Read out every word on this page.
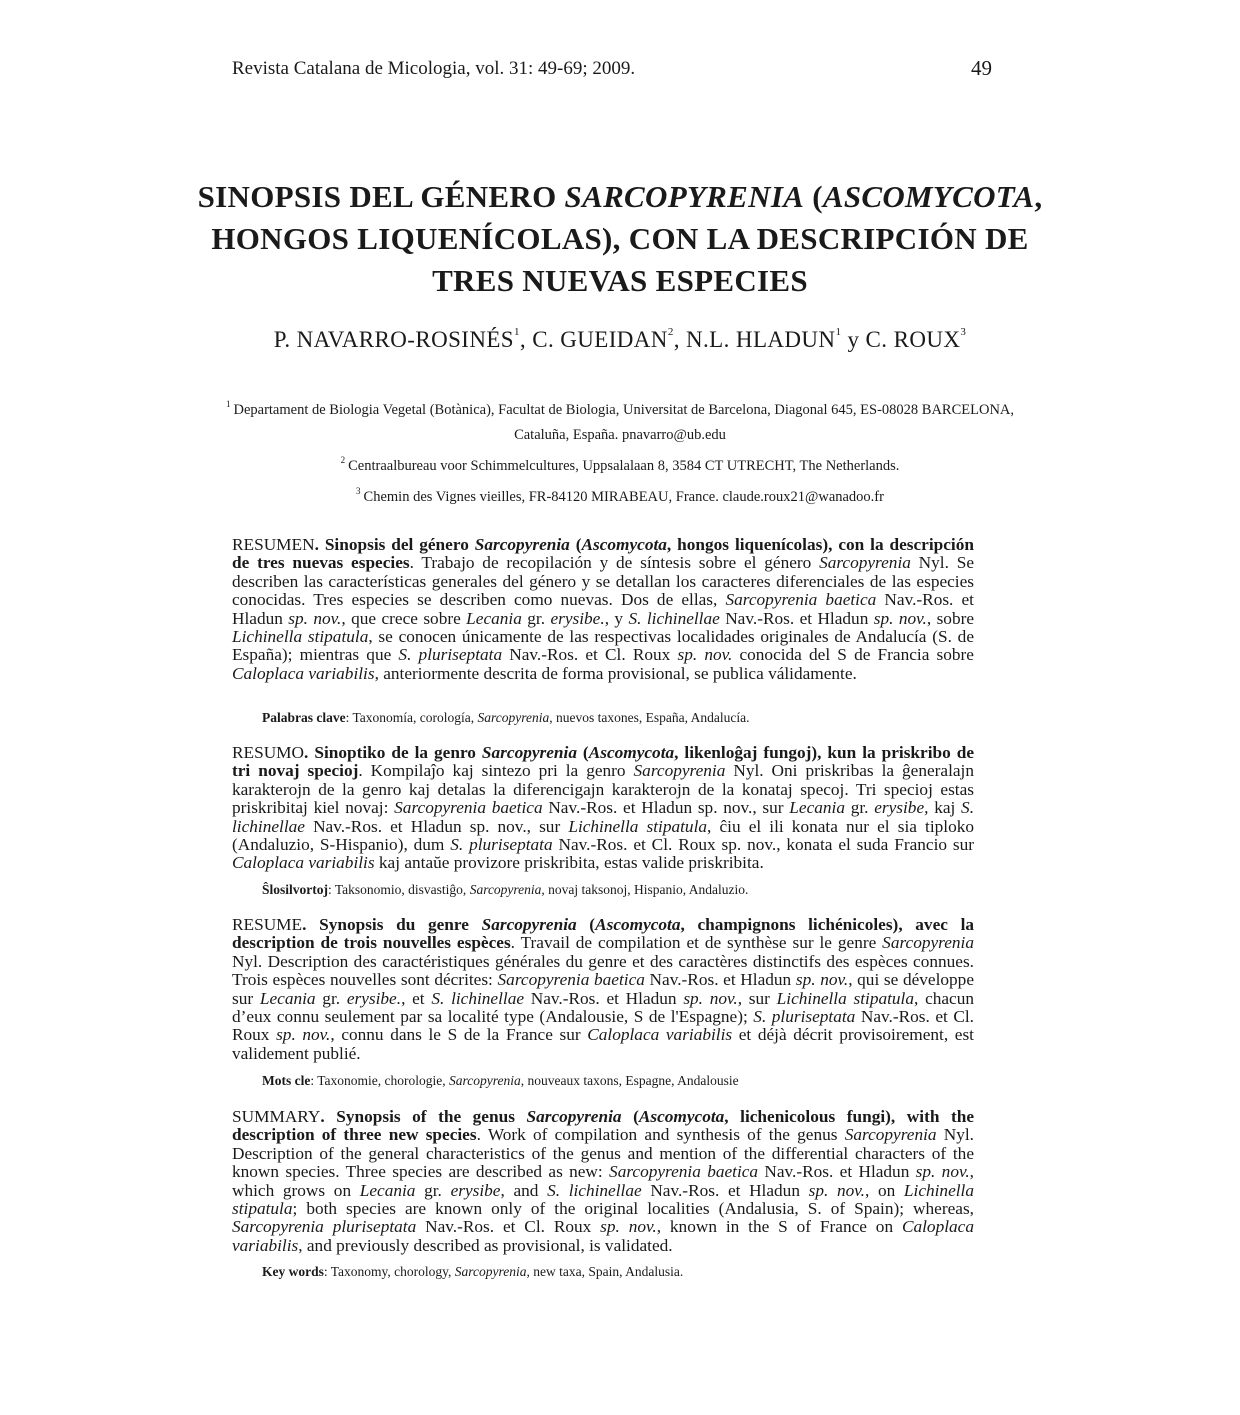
Revista Catalana de Micologia, vol. 31: 49-69; 2009.	49
SINOPSIS DEL GÉNERO SARCOPYRENIA (ASCOMYCOTA,
HONGOS LIQUENÍCOLAS), CON LA DESCRIPCIÓN DE
TRES NUEVAS ESPECIES
P. NAVARRO-ROSINÉS$^1$, C. GUEIDAN$^2$, N.L. HLADUN$^1$ y C. ROUX$^3$

$^1$ Departament de Biologia Vegetal (Botànica), Facultat de Biologia, Universitat de Barcelona, Diagonal 645, ES-08028 BARCELONA, Cataluña, España. pnavarro@ub.edu

$^2$ Centraalbureau voor Schimmelcultures, Uppsalalaan 8, 3584 CT UTRECHT, The Netherlands.

$^3$ Chemin des Vignes vieilles, FR-84120 MIRABEAU, France. claude.roux21@wanadoo.fr

RESUMEN. Sinopsis del género Sarcopyrenia (Ascomycota, hongos liquenícolas), con la descripción de tres nuevas especies. Trabajo de recopilación y de síntesis sobre el género Sarcopyrenia Nyl. Se describen las características generales del género y se detallan los caracteres diferenciales de las especies conocidas. Tres especies se describen como nuevas. Dos de ellas, Sarcopyrenia baetica Nav.-Ros. et Hladun sp. nov., que crece sobre Lecania gr. erysibe., y S. lichinellae Nav.-Ros. et Hladun sp. nov., sobre Lichinella stipatula, se conocen únicamente de las respectivas localidades originales de Andalucía (S. de España); mientras que S. pluriseptata Nav.-Ros. et Cl. Roux sp. nov. conocida del S de Francia sobre Caloplaca variabilis, anteriormente descrita de forma provisional, se publica válidamente.

Palabras clave: Taxonomía, corología, Sarcopyrenia, nuevos taxones, España, Andalucía.

RESUMO. Sinoptiko de la genro Sarcopyrenia (Ascomycota, likenloĝaj fungoj), kun la priskribo de tri novaj specioj. Kompilaĵo kaj sintezo pri la genro Sarcopyrenia Nyl. Oni priskribas la ĝeneralajn karakterojn de la genro kaj detalas la diferencigajn karakterojn de la konataj specoj. Tri specioj estas priskribitaj kiel novaj: Sarcopyrenia baetica Nav.-Ros. et Hladun sp. nov., sur Lecania gr. erysibe, kaj S. lichinellae Nav.-Ros. et Hladun sp. nov., sur Lichinella stipatula, ĉiu el ili konata nur el sia tiploko (Andaluzio, S-Hispanio), dum S. pluriseptata Nav.-Ros. et Cl. Roux sp. nov., konata el suda Francio sur Caloplaca variabilis kaj antaŭe provizore priskribita, estas valide priskribita.

Ŝlosilvortoj: Taksonomio, disvastiĝo, Sarcopyrenia, novaj taksonoj, Hispanio, Andaluzio.

RESUME. Synopsis du genre Sarcopyrenia (Ascomycota, champignons lichénicoles), avec la description de trois nouvelles espèces. Travail de compilation et de synthèse sur le genre Sarcopyrenia Nyl. Description des caractéristiques générales du genre et des caractères distinctifs des espèces connues. Trois espèces nouvelles sont décrites: Sarcopyrenia baetica Nav.-Ros. et Hladun sp. nov., qui se développe sur Lecania gr. erysibe., et S. lichinellae Nav.-Ros. et Hladun sp. nov., sur Lichinella stipatula, chacun d’eux connu seulement par sa localité type (Andalousie, S de l'Espagne); S. pluriseptata Nav.-Ros. et Cl. Roux sp. nov., connu dans le S de la France sur Caloplaca variabilis et déjà décrit provisoirement, est validement publié.

Mots cle: Taxonomie, chorologie, Sarcopyrenia, nouveaux taxons, Espagne, Andalousie

SUMMARY. Synopsis of the genus Sarcopyrenia (Ascomycota, lichenicolous fungi), with the description of three new species. Work of compilation and synthesis of the genus Sarcopyrenia Nyl. Description of the general characteristics of the genus and mention of the differential characters of the known species. Three species are described as new: Sarcopyrenia baetica Nav.-Ros. et Hladun sp. nov., which grows on Lecania gr. erysibe, and S. lichinellae Nav.-Ros. et Hladun sp. nov., on Lichinella stipatula; both species are known only of the original localities (Andalusia, S. of Spain); whereas, Sarcopyrenia pluriseptata Nav.-Ros. et Cl. Roux sp. nov., known in the S of France on Caloplaca variabilis, and previously described as provisional, is validated.

Key words: Taxonomy, chorology, Sarcopyrenia, new taxa, Spain, Andalusia.
